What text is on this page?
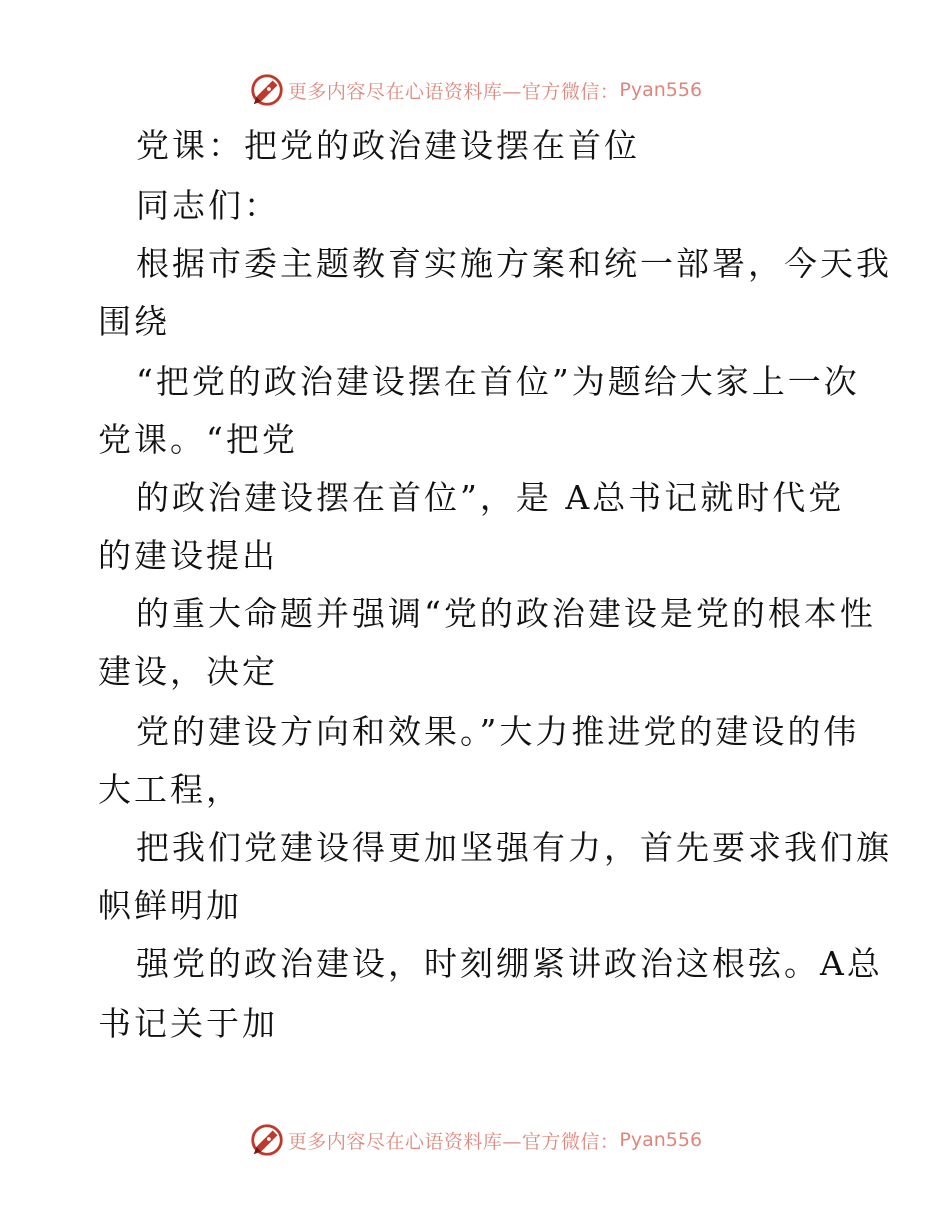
更多内容尽在心语资料库—官方微信： Pyan556
党课：把党的政治建设摆在首位
同志们：
根据市委主题教育实施方案和统一部署，今天我
围绕
“把党的政治建设摆在首位”为题给大家上一次
党课。“把党
的政治建设摆在首位”，是 A总书记就时代党
的建设提出
的重大命题并强调“党的政治建设是党的根本性
建设，决定
党的建设方向和效果。”大力推进党的建设的伟
大工程，
把我们党建设得更加坚强有力，首先要求我们旗
帜鲜明加
强党的政治建设，时刻绷紧讲政治这根弦。A总
书记关于加
更多内容尽在心语资料库—官方微信： Pyan556
